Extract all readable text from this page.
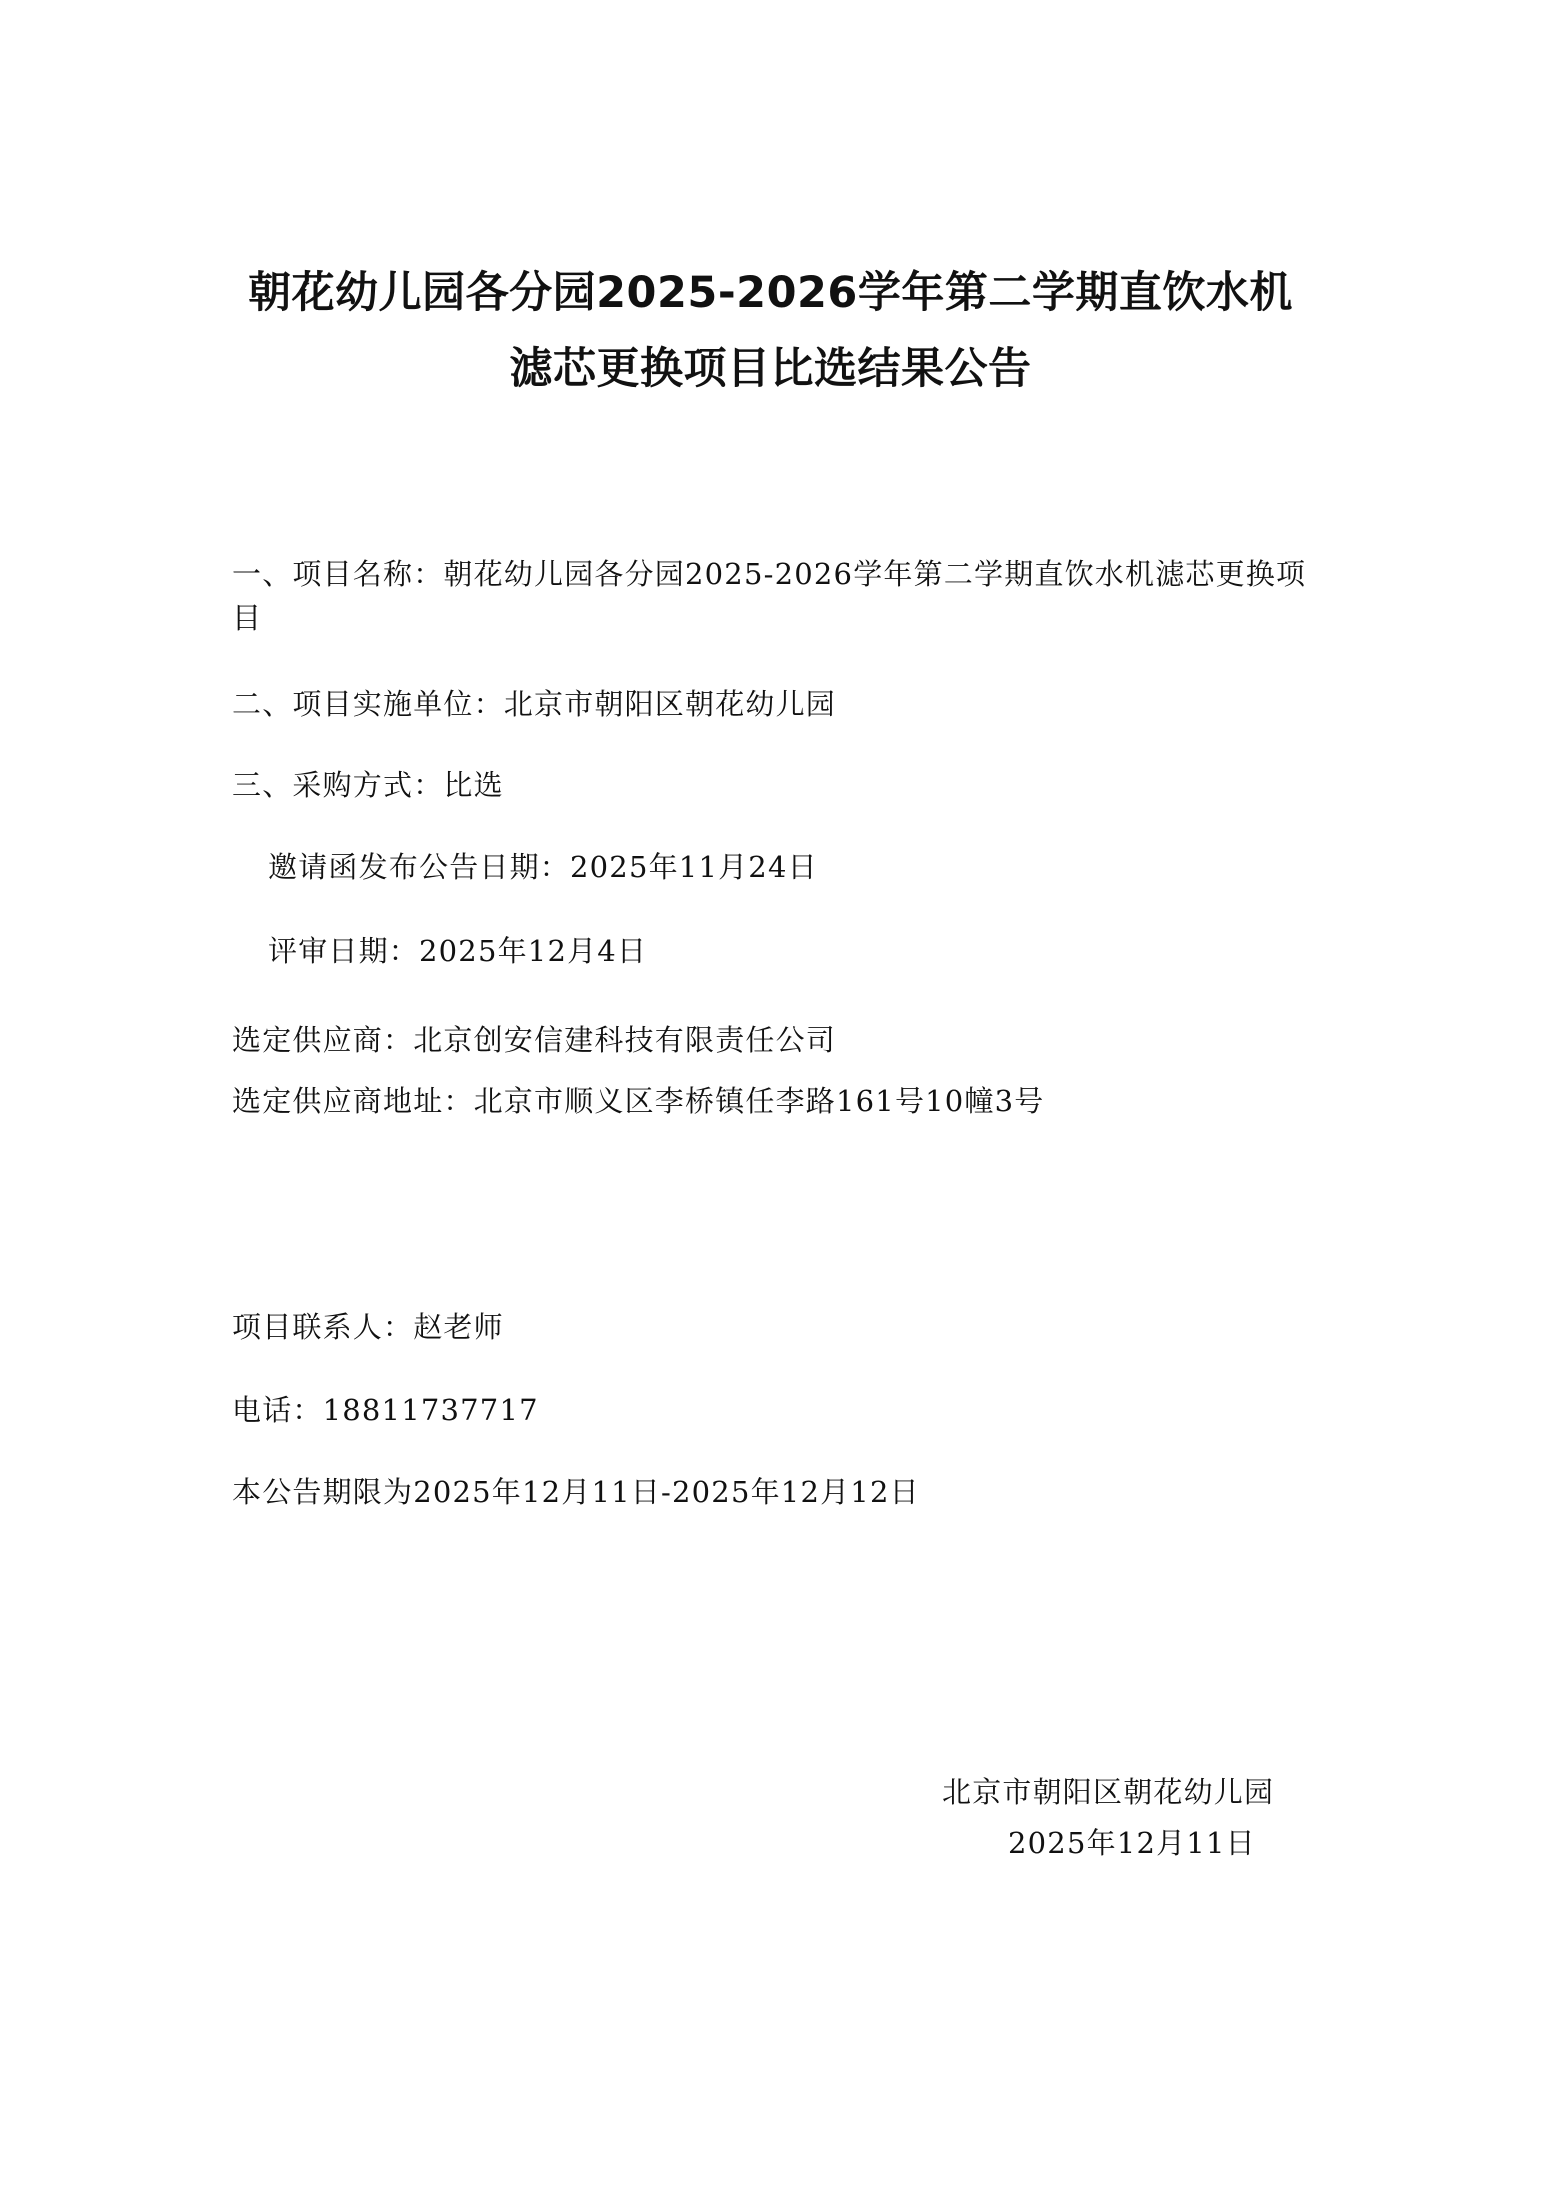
朝花幼儿园各分园2025-2026学年第二学期直饮水机
滤芯更换项目比选结果公告
一、项目名称：朝花幼儿园各分园2025-2026学年第二学期直饮水机滤芯更换项目
二、项目实施单位：北京市朝阳区朝花幼儿园
三、采购方式：比选
邀请函发布公告日期：2025年11月24日
评审日期：2025年12月4日
选定供应商：北京创安信建科技有限责任公司
选定供应商地址：北京市顺义区李桥镇任李路161号10幢3号
项目联系人：赵老师
电话：18811737717
本公告期限为2025年12月11日-2025年12月12日
北京市朝阳区朝花幼儿园
2025年12月11日
